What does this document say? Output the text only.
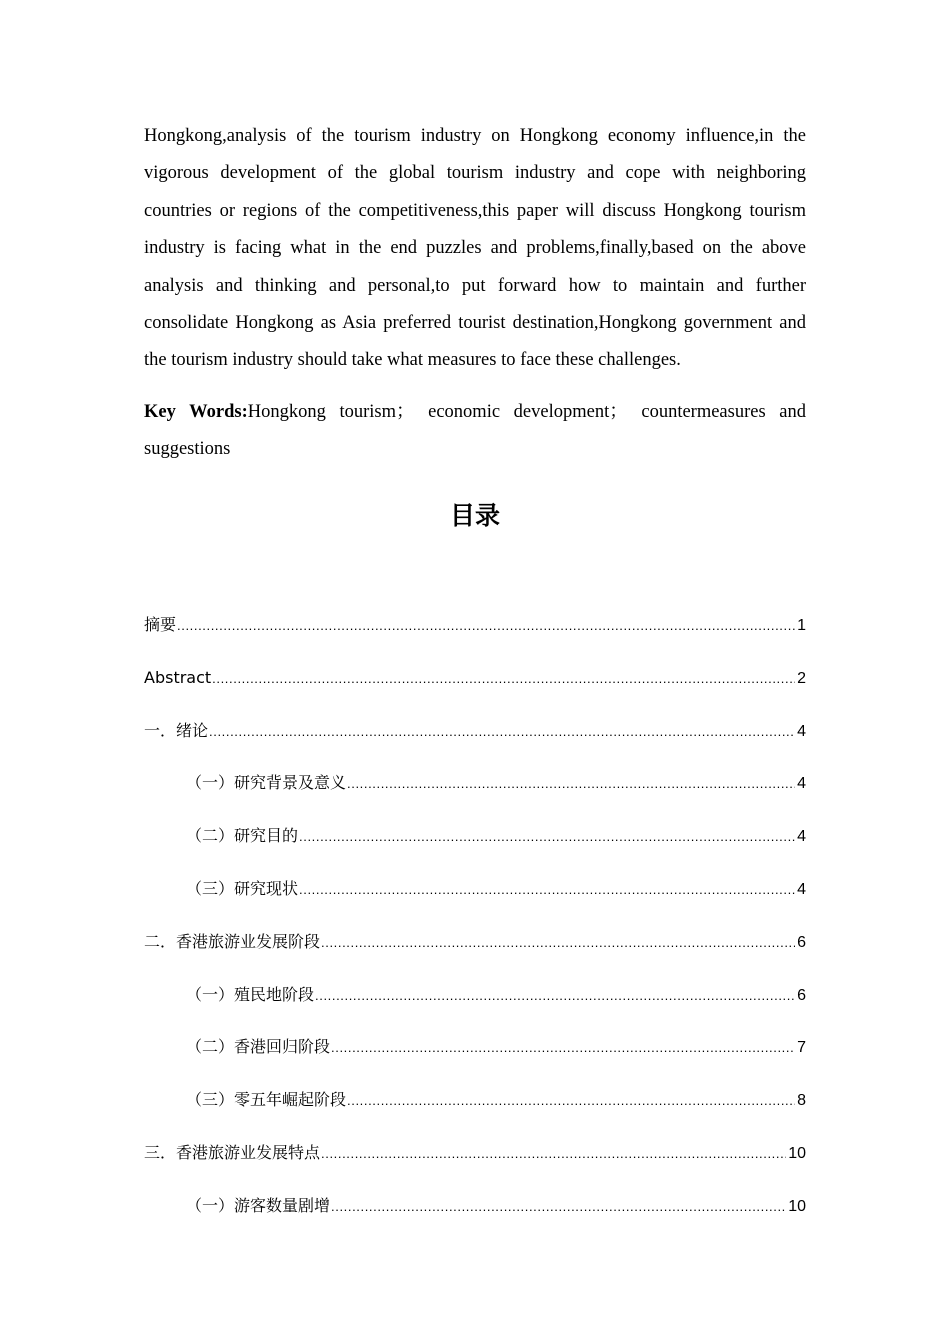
Hongkong,analysis of the tourism industry on Hongkong economy influence,in the vigorous development of the global tourism industry and cope with neighboring countries or regions of the competitiveness,this paper will discuss Hongkong tourism industry is facing what in the end puzzles and problems,finally,based on the above analysis and thinking and personal,to put forward how to maintain and further consolidate Hongkong as Asia preferred tourist destination,Hongkong government and the tourism industry should take what measures to face these challenges.

Key Words:Hongkong tourism； economic development； countermeasures and suggestions

目录
摘要 .....	1
Abstract .....	2
一．绪论 .....	4
（一）研究背景及意义 .....	4
（二）研究目的 .....	4
（三）研究现状 .....	4
二．香港旅游业发展阶段 .....	6
（一）殖民地阶段 .....	6
（二）香港回归阶段 .....	7
（三）零五年崛起阶段 .....	8
三．香港旅游业发展特点 .....	10
（一）游客数量剧增 .....	10
